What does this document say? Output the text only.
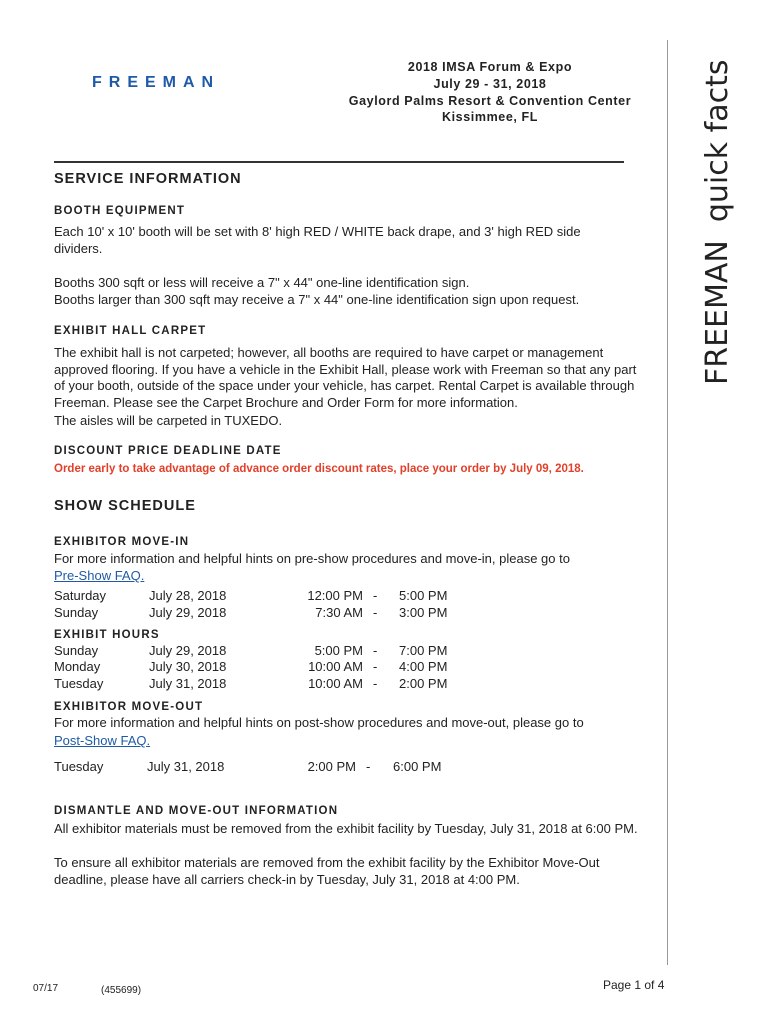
FREEMAN
2018 IMSA Forum & Expo
July 29 - 31, 2018
Gaylord Palms Resort & Convention Center
Kissimmee, FL
FREEMANquick facts
SERVICE INFORMATION
BOOTH EQUIPMENT
Each 10' x 10' booth will be set with 8' high RED / WHITE back drape, and 3' high RED side dividers.
Booths 300 sqft or less will receive a 7" x 44" one-line identification sign.
Booths larger than 300 sqft may receive a 7" x 44" one-line identification sign upon request.
EXHIBIT HALL CARPET
The exhibit hall is not carpeted; however, all booths are required to have carpet or management approved flooring. If you have a vehicle in the Exhibit Hall, please work with Freeman so that any part of your booth, outside of the space under your vehicle, has carpet. Rental Carpet is available through Freeman. Please see the Carpet Brochure and Order Form for more information.
The aisles will be carpeted in TUXEDO.
DISCOUNT PRICE DEADLINE DATE
Order early to take advantage of advance order discount rates, place your order by July 09, 2018.
SHOW SCHEDULE
EXHIBITOR MOVE-IN
For more information and helpful hints on pre-show procedures and move-in, please go to
Pre-Show FAQ.
Saturday	July 28, 2018	12:00 PM - 5:00 PM
Sunday	July 29, 2018	7:30 AM - 3:00 PM
EXHIBIT HOURS
Sunday	July 29, 2018	5:00 PM - 7:00 PM
Monday	July 30, 2018	10:00 AM - 4:00 PM
Tuesday	July 31, 2018	10:00 AM - 2:00 PM
EXHIBITOR MOVE-OUT
For more information and helpful hints on post-show procedures and move-out, please go to
Post-Show FAQ.
Tuesday	July 31, 2018	2:00 PM - 6:00 PM
DISMANTLE AND MOVE-OUT INFORMATION
All exhibitor materials must be removed from the exhibit facility by Tuesday, July 31, 2018 at 6:00 PM.
To ensure all exhibitor materials are removed from the exhibit facility by the Exhibitor Move-Out deadline, please have all carriers check-in by Tuesday, July 31, 2018 at 4:00 PM.
07/17	(455699)	Page 1 of 4
